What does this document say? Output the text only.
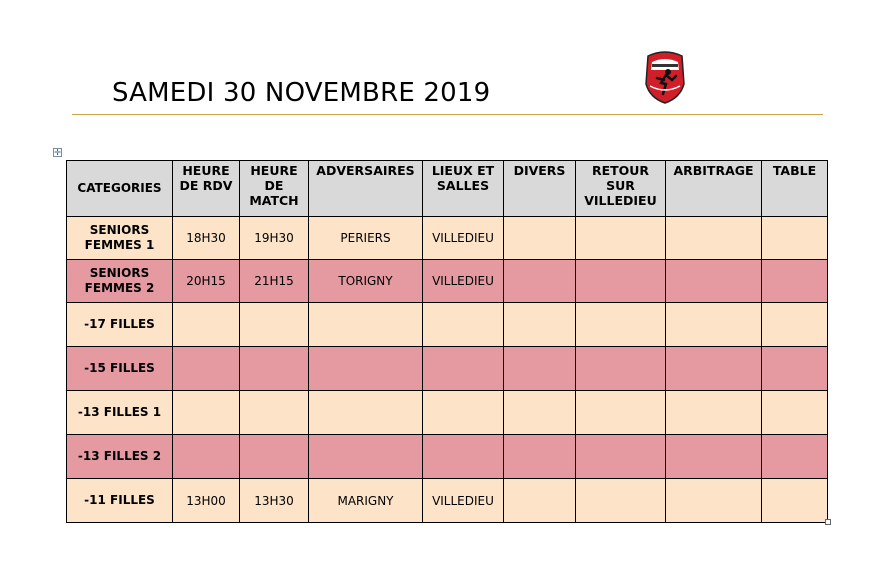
SAMEDI 30 NOVEMBRE 2019
✛
CATEGORIES	HEURE DE RDV	HEURE DE MATCH	ADVERSAIRES	LIEUX ET SALLES	DIVERS	RETOUR SUR VILLEDIEU	ARBITRAGE	TABLE
SENIORS FEMMES 1	18H30	19H30	PERIERS	VILLEDIEU				
SENIORS FEMMES 2	20H15	21H15	TORIGNY	VILLEDIEU				
-17 FILLES								
-15 FILLES								
-13 FILLES 1								
-13 FILLES 2								
-11 FILLES	13H00	13H30	MARIGNY	VILLEDIEU				
